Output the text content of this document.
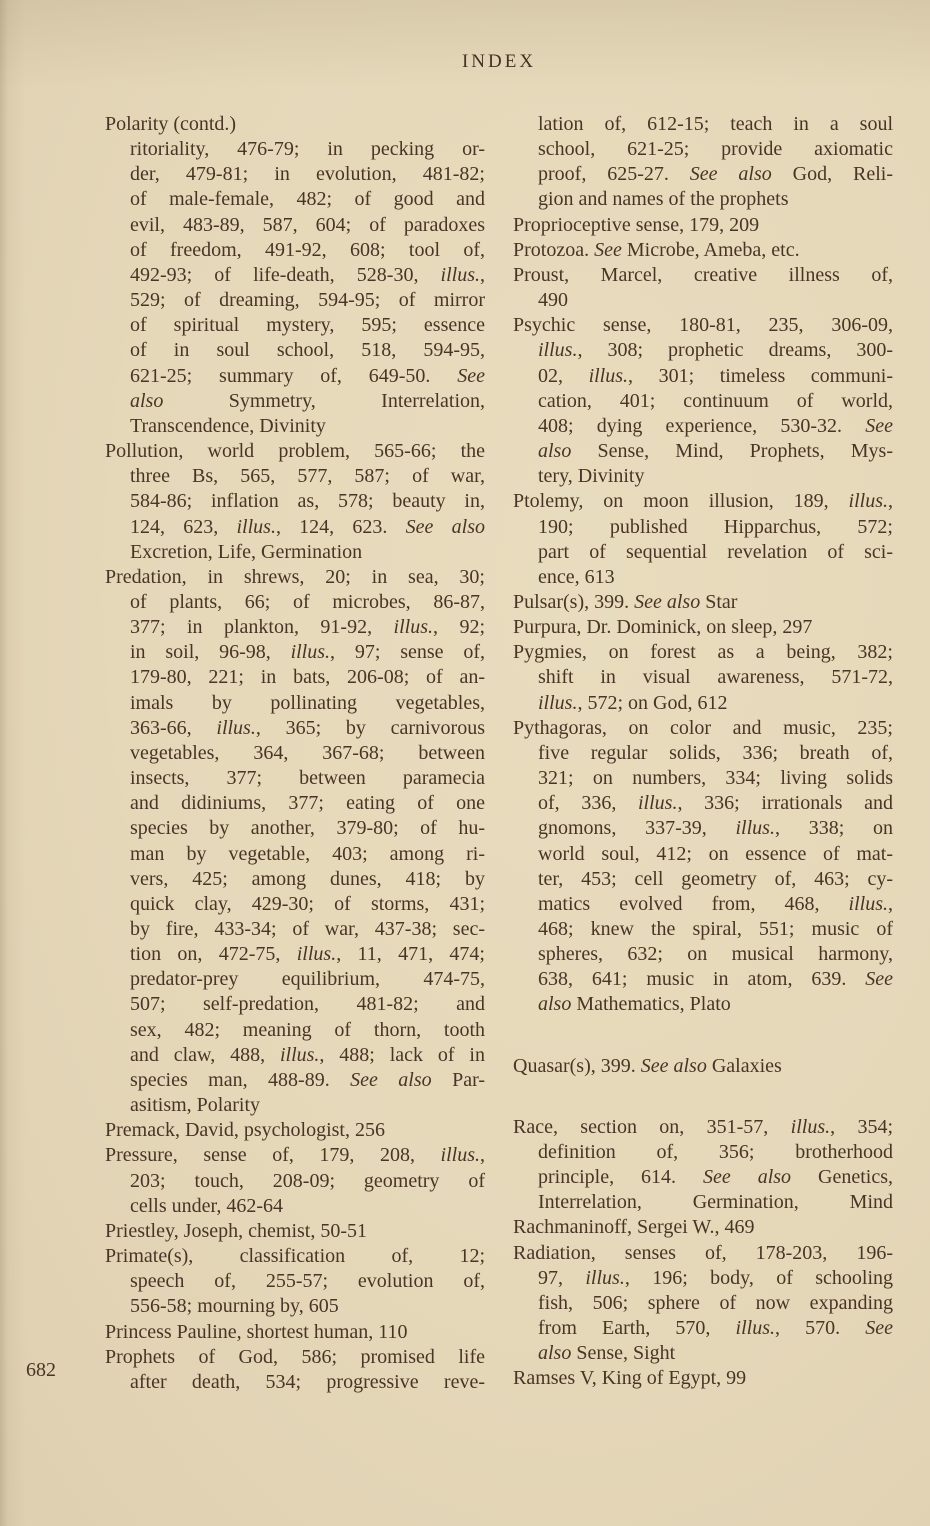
INDEX
682
Polarity (contd.)
ritoriality, 476-79; in pecking or-
der, 479-81; in evolution, 481-82;
of male-female, 482; of good and
evil, 483-89, 587, 604; of paradoxes
of freedom, 491-92, 608; tool of,
492-93; of life-death, 528-30, illus.,
529; of dreaming, 594-95; of mirror
of spiritual mystery, 595; essence
of in soul school, 518, 594-95,
621-25; summary of, 649-50. See
also Symmetry, Interrelation,
Transcendence, Divinity
Pollution, world problem, 565-66; the
three Bs, 565, 577, 587; of war,
584-86; inflation as, 578; beauty in,
124, 623, illus., 124, 623. See also
Excretion, Life, Germination
Predation, in shrews, 20; in sea, 30;
of plants, 66; of microbes, 86-87,
377; in plankton, 91-92, illus., 92;
in soil, 96-98, illus., 97; sense of,
179-80, 221; in bats, 206-08; of an-
imals by pollinating vegetables,
363-66, illus., 365; by carnivorous
vegetables, 364, 367-68; between
insects, 377; between paramecia
and didiniums, 377; eating of one
species by another, 379-80; of hu-
man by vegetable, 403; among ri-
vers, 425; among dunes, 418; by
quick clay, 429-30; of storms, 431;
by fire, 433-34; of war, 437-38; sec-
tion on, 472-75, illus., 11, 471, 474;
predator-prey equilibrium, 474-75,
507; self-predation, 481-82; and
sex, 482; meaning of thorn, tooth
and claw, 488, illus., 488; lack of in
species man, 488-89. See also Par-
asitism, Polarity
Premack, David, psychologist, 256
Pressure, sense of, 179, 208, illus.,
203; touch, 208-09; geometry of
cells under, 462-64
Priestley, Joseph, chemist, 50-51
Primate(s), classification of, 12;
speech of, 255-57; evolution of,
556-58; mourning by, 605
Princess Pauline, shortest human, 110
Prophets of God, 586; promised life
after death, 534; progressive reve-
lation of, 612-15; teach in a soul
school, 621-25; provide axiomatic
proof, 625-27. See also God, Reli-
gion and names of the prophets
Proprioceptive sense, 179, 209
Protozoa. See Microbe, Ameba, etc.
Proust, Marcel, creative illness of,
490
Psychic sense, 180-81, 235, 306-09,
illus., 308; prophetic dreams, 300-
02, illus., 301; timeless communi-
cation, 401; continuum of world,
408; dying experience, 530-32. See
also Sense, Mind, Prophets, Mys-
tery, Divinity
Ptolemy, on moon illusion, 189, illus.,
190; published Hipparchus, 572;
part of sequential revelation of sci-
ence, 613
Pulsar(s), 399. See also Star
Purpura, Dr. Dominick, on sleep, 297
Pygmies, on forest as a being, 382;
shift in visual awareness, 571-72,
illus., 572; on God, 612
Pythagoras, on color and music, 235;
five regular solids, 336; breath of,
321; on numbers, 334; living solids
of, 336, illus., 336; irrationals and
gnomons, 337-39, illus., 338; on
world soul, 412; on essence of mat-
ter, 453; cell geometry of, 463; cy-
matics evolved from, 468, illus.,
468; knew the spiral, 551; music of
spheres, 632; on musical harmony,
638, 641; music in atom, 639. See
also Mathematics, Plato
Quasar(s), 399. See also Galaxies
Race, section on, 351-57, illus., 354;
definition of, 356; brotherhood
principle, 614. See also Genetics,
Interrelation, Germination, Mind
Rachmaninoff, Sergei W., 469
Radiation, senses of, 178-203, 196-
97, illus., 196; body, of schooling
fish, 506; sphere of now expanding
from Earth, 570, illus., 570. See
also Sense, Sight
Ramses V, King of Egypt, 99
